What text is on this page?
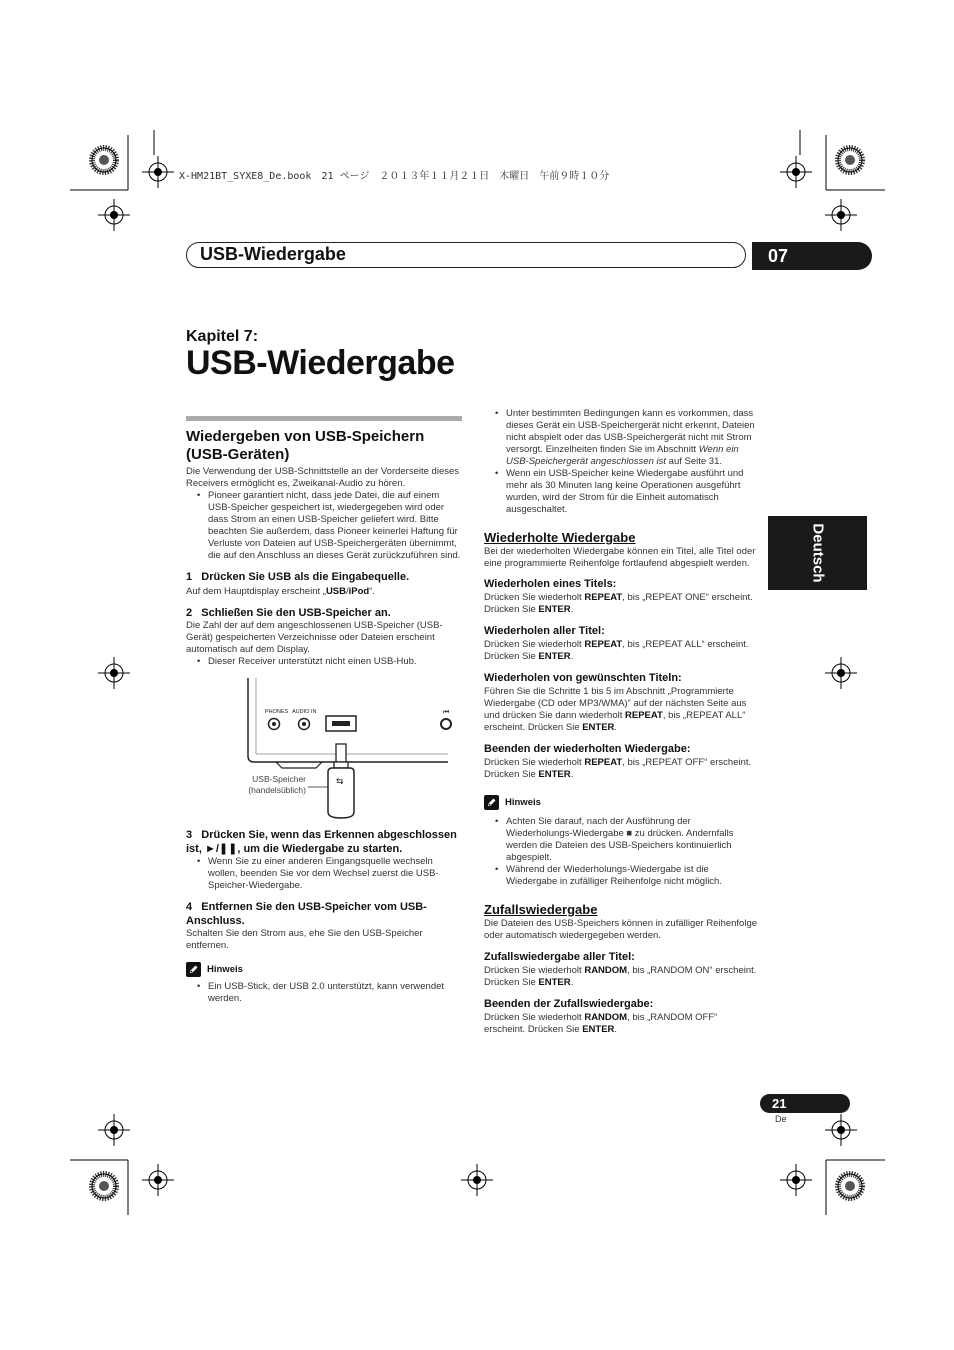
X-HM21BT_SYXE8_De.book　21 ページ　２０１３年１１月２１日　木曜日　午前９時１０分
USB-Wiedergabe	07
Kapitel 7:
USB-Wiedergabe
Deutsch
Wiedergeben von USB-Speichern (USB-Geräten)

Die Verwendung der USB-Schnittstelle an der Vorderseite dieses Receivers ermöglicht es, Zweikanal-Audio zu hören.

• Pioneer garantiert nicht, dass jede Datei, die auf einem USB-Speicher gespeichert ist, wiedergegeben wird oder dass Strom an einen USB-Speicher geliefert wird. Bitte beachten Sie außerdem, dass Pioneer keinerlei Haftung für Verluste von Dateien auf USB-Speichergeräten übernimmt, die auf den Anschluss an dieses Gerät zurückzuführen sind.
1   Drücken Sie USB als die Eingabequelle.

Auf dem Hauptdisplay erscheint „USB/iPod“.

2   Schließen Sie den USB-Speicher an.

Die Zahl der auf dem angeschlossenen USB-Speicher (USB-Gerät) gespeicherten Verzeichnisse oder Dateien erscheint automatisch auf dem Display.

• Dieser Receiver unterstützt nicht einen USB-Hub.
⏮
PHONES AUDIO IN
⇆
USB-Speicher
(handelsüblich)
3   Drücken Sie, wenn das Erkennen abgeschlossen ist, ►/❚❚, um die Wiedergabe zu starten.
• Wenn Sie zu einer anderen Eingangsquelle wechseln wollen, beenden Sie vor dem Wechsel zuerst die USB-Speicher-Wiedergabe.
4   Entfernen Sie den USB-Speicher vom USB-Anschluss.

Schalten Sie den Strom aus, ehe Sie den USB-Speicher entfernen.

Hinweis
• Ein USB-Stick, der USB 2.0 unterstützt, kann verwendet werden.
• Unter bestimmten Bedingungen kann es vorkommen, dass dieses Gerät ein USB-Speichergerät nicht erkennt, Dateien nicht abspielt oder das USB-Speichergerät nicht mit Strom versorgt. Einzelheiten finden Sie im Abschnitt Wenn ein USB-Speichergerät angeschlossen ist auf Seite 31.
• Wenn ein USB-Speicher keine Wiedergabe ausführt und mehr als 30 Minuten lang keine Operationen ausgeführt wurden, wird der Strom für die Einheit automatisch ausgeschaltet.
Wiederholte Wiedergabe

Bei der wiederholten Wiedergabe können ein Titel, alle Titel oder eine programmierte Reihenfolge fortlaufend abgespielt werden.

Wiederholen eines Titels:

Drücken Sie wiederholt REPEAT, bis „REPEAT ONE“ erscheint. Drücken Sie ENTER.

Wiederholen aller Titel:

Drücken Sie wiederholt REPEAT, bis „REPEAT ALL“ erscheint. Drücken Sie ENTER.

Wiederholen von gewünschten Titeln:

Führen Sie die Schritte 1 bis 5 im Abschnitt „Programmierte Wiedergabe (CD oder MP3/WMA)“ auf der nächsten Seite aus und drücken Sie dann wiederholt REPEAT, bis „REPEAT ALL“ erscheint. Drücken Sie ENTER.

Beenden der wiederholten Wiedergabe:

Drücken Sie wiederholt REPEAT, bis „REPEAT OFF“ erscheint. Drücken Sie ENTER.

Hinweis
• Achten Sie darauf, nach der Ausführung der Wiederholungs-Wiedergabe ■ zu drücken. Andernfalls werden die Dateien des USB-Speichers kontinuierlich abgespielt.
• Während der Wiederholungs-Wiedergabe ist die Wiedergabe in zufälliger Reihenfolge nicht möglich.
Zufallswiedergabe

Die Dateien des USB-Speichers können in zufälliger Reihenfolge oder automatisch wiedergegeben werden.

Zufallswiedergabe aller Titel:

Drücken Sie wiederholt RANDOM, bis „RANDOM ON“ erscheint. Drücken Sie ENTER.

Beenden der Zufallswiedergabe:

Drücken Sie wiederholt RANDOM, bis „RANDOM OFF“ erscheint. Drücken Sie ENTER.

21
De
